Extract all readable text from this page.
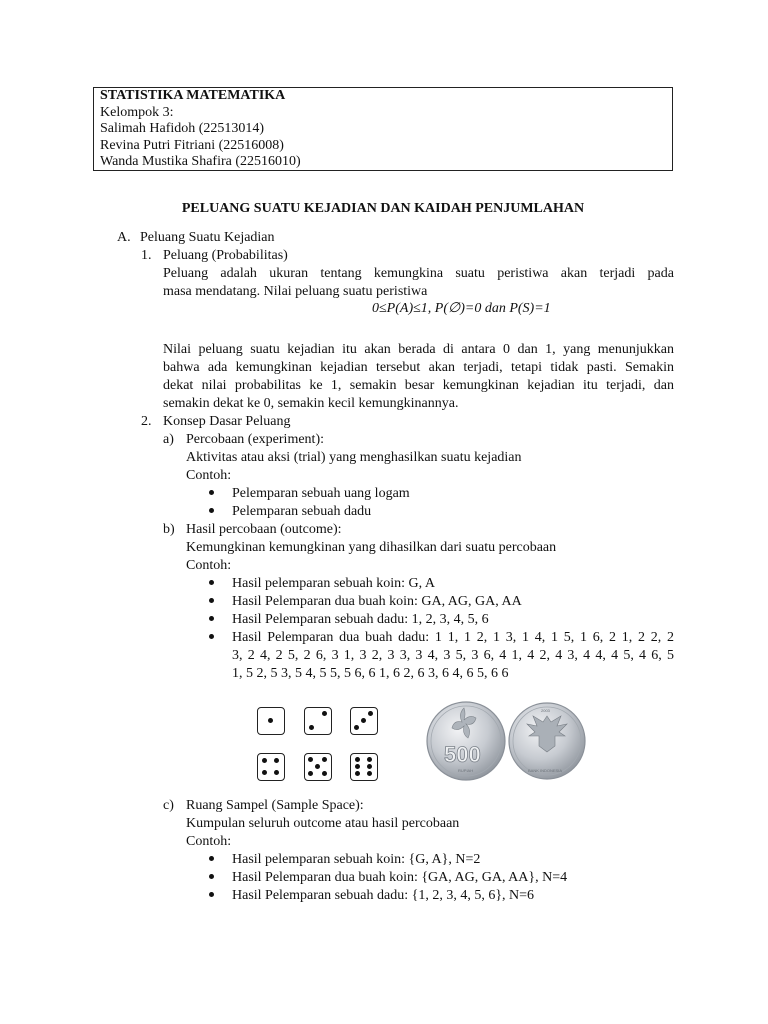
STATISTIKA MATEMATIKA
Kelompok 3:
Salimah Hafidoh (22513014)
Revina Putri Fitriani (22516008)
Wanda Mustika Shafira (22516010)
PELUANG SUATU KEJADIAN DAN KAIDAH PENJUMLAHAN
A. Peluang Suatu Kejadian
1. Peluang (Probabilitas)
Peluang adalah ukuran tentang kemungkina suatu peristiwa akan terjadi pada
masa mendatang. Nilai peluang suatu peristiwa
0≤P(A)≤1, P(∅)=0 dan P(S)=1
Nilai peluang suatu kejadian itu akan berada di antara 0 dan 1, yang menunjukkan
bahwa ada kemungkinan kejadian tersebut akan terjadi, tetapi tidak pasti. Semakin
dekat nilai probabilitas ke 1, semakin besar kemungkinan kejadian itu terjadi, dan
semakin dekat ke 0, semakin kecil kemungkinannya.
2. Konsep Dasar Peluang
a) Percobaan (experiment):
Aktivitas atau aksi (trial) yang menghasilkan suatu kejadian
Contoh:
Pelemparan sebuah uang logam
Pelemparan sebuah dadu
b) Hasil percobaan (outcome):
Kemungkinan kemungkinan yang dihasilkan dari suatu percobaan
Contoh:
Hasil pelemparan sebuah koin: G, A
Hasil Pelemparan dua buah koin: GA, AG, GA, AA
Hasil Pelemparan sebuah dadu: 1, 2, 3, 4, 5, 6
Hasil Pelemparan dua buah dadu: 1 1, 1 2, 1 3, 1 4, 1 5, 1 6, 2 1, 2 2, 2
3, 2 4, 2 5, 2 6, 3 1, 3 2, 3 3, 3 4, 3 5, 3 6, 4 1, 4 2, 4 3, 4 4, 4 5, 4 6, 5
1, 5 2, 5 3, 5 4, 5 5, 5 6, 6 1, 6 2, 6 3, 6 4, 6 5, 6 6
500
RUPIAH
2003
BANK INDONESIA
c) Ruang Sampel (Sample Space):
Kumpulan seluruh outcome atau hasil percobaan
Contoh:
Hasil pelemparan sebuah koin: {G, A}, N=2
Hasil Pelemparan dua buah koin: {GA, AG, GA, AA}, N=4
Hasil Pelemparan sebuah dadu: {1, 2, 3, 4, 5, 6}, N=6
